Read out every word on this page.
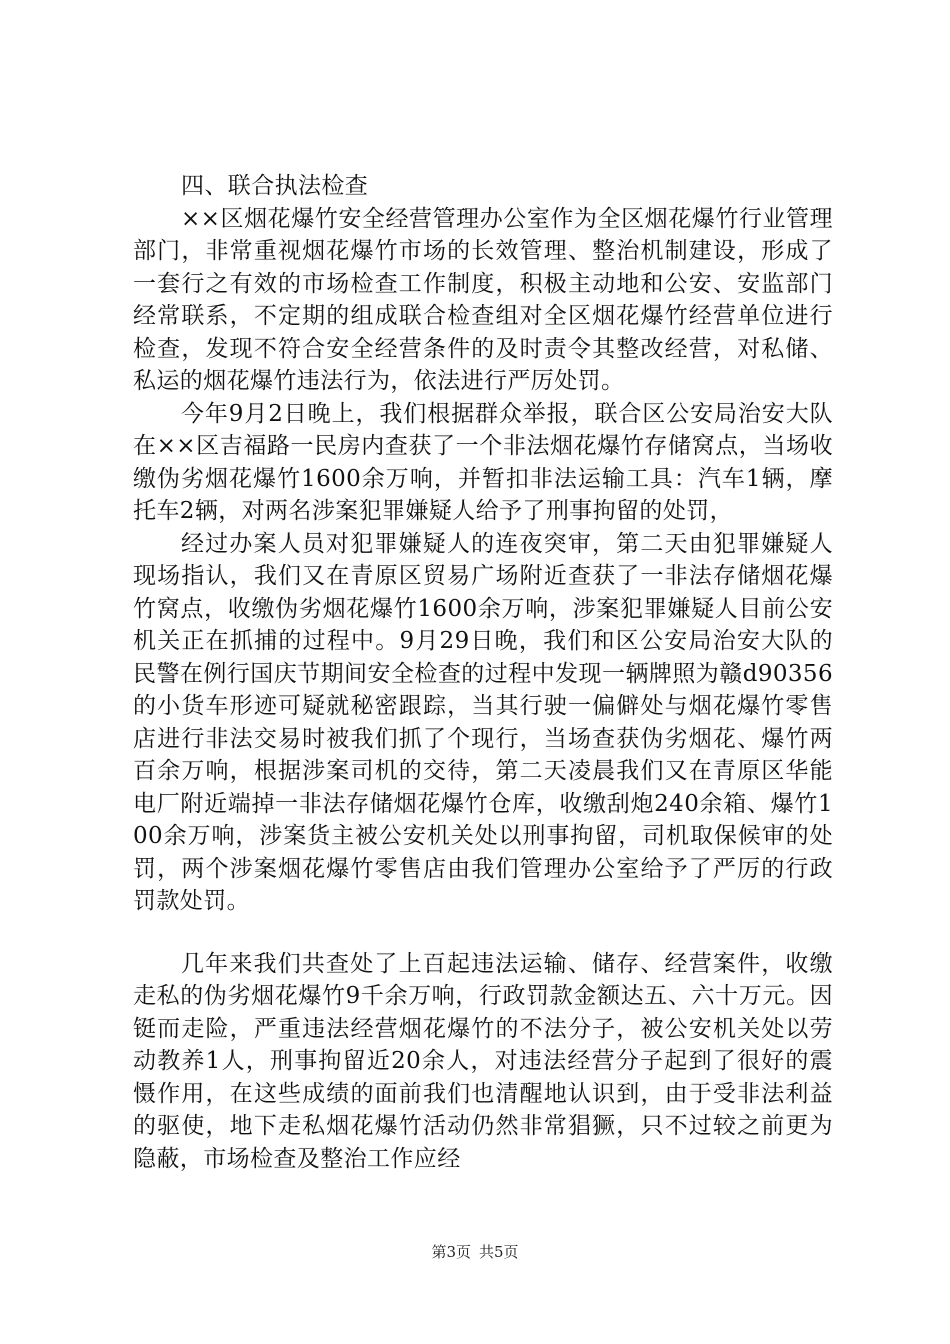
四、联合执法检查

××区烟花爆竹安全经营管理办公室作为全区烟花爆竹行业管理部门，非常重视烟花爆竹市场的长效管理、整治机制建设，形成了一套行之有效的市场检查工作制度，积极主动地和公安、安监部门经常联系，不定期的组成联合检查组对全区烟花爆竹经营单位进行检查，发现不符合安全经营条件的及时责令其整改经营，对私储、私运的烟花爆竹违法行为，依法进行严厉处罚。

今年9月2日晚上，我们根据群众举报，联合区公安局治安大队在××区吉福路一民房内查获了一个非法烟花爆竹存储窝点，当场收缴伪劣烟花爆竹1600余万响，并暂扣非法运输工具：汽车1辆，摩托车2辆，对两名涉案犯罪嫌疑人给予了刑事拘留的处罚，

经过办案人员对犯罪嫌疑人的连夜突审，第二天由犯罪嫌疑人现场指认，我们又在青原区贸易广场附近查获了一非法存储烟花爆竹窝点，收缴伪劣烟花爆竹1600余万响，涉案犯罪嫌疑人目前公安机关正在抓捕的过程中。9月29日晚，我们和区公安局治安大队的民警在例行国庆节期间安全检查的过程中发现一辆牌照为赣d90356的小货车形迹可疑就秘密跟踪，当其行驶一偏僻处与烟花爆竹零售店进行非法交易时被我们抓了个现行，当场查获伪劣烟花、爆竹两百余万响，根据涉案司机的交待，第二天凌晨我们又在青原区华能电厂附近端掉一非法存储烟花爆竹仓库，收缴刮炮240余箱、爆竹100余万响，涉案货主被公安机关处以刑事拘留，司机取保候审的处罚，两个涉案烟花爆竹零售店由我们管理办公室给予了严厉的行政罚款处罚。

几年来我们共查处了上百起违法运输、储存、经营案件，收缴走私的伪劣烟花爆竹9千余万响，行政罚款金额达五、六十万元。因铤而走险，严重违法经营烟花爆竹的不法分子，被公安机关处以劳动教养1人，刑事拘留近20余人，对违法经营分子起到了很好的震慑作用，在这些成绩的面前我们也清醒地认识到，由于受非法利益的驱使，地下走私烟花爆竹活动仍然非常猖獗，只不过较之前更为隐蔽，市场检查及整治工作应经

第3页 共5页
